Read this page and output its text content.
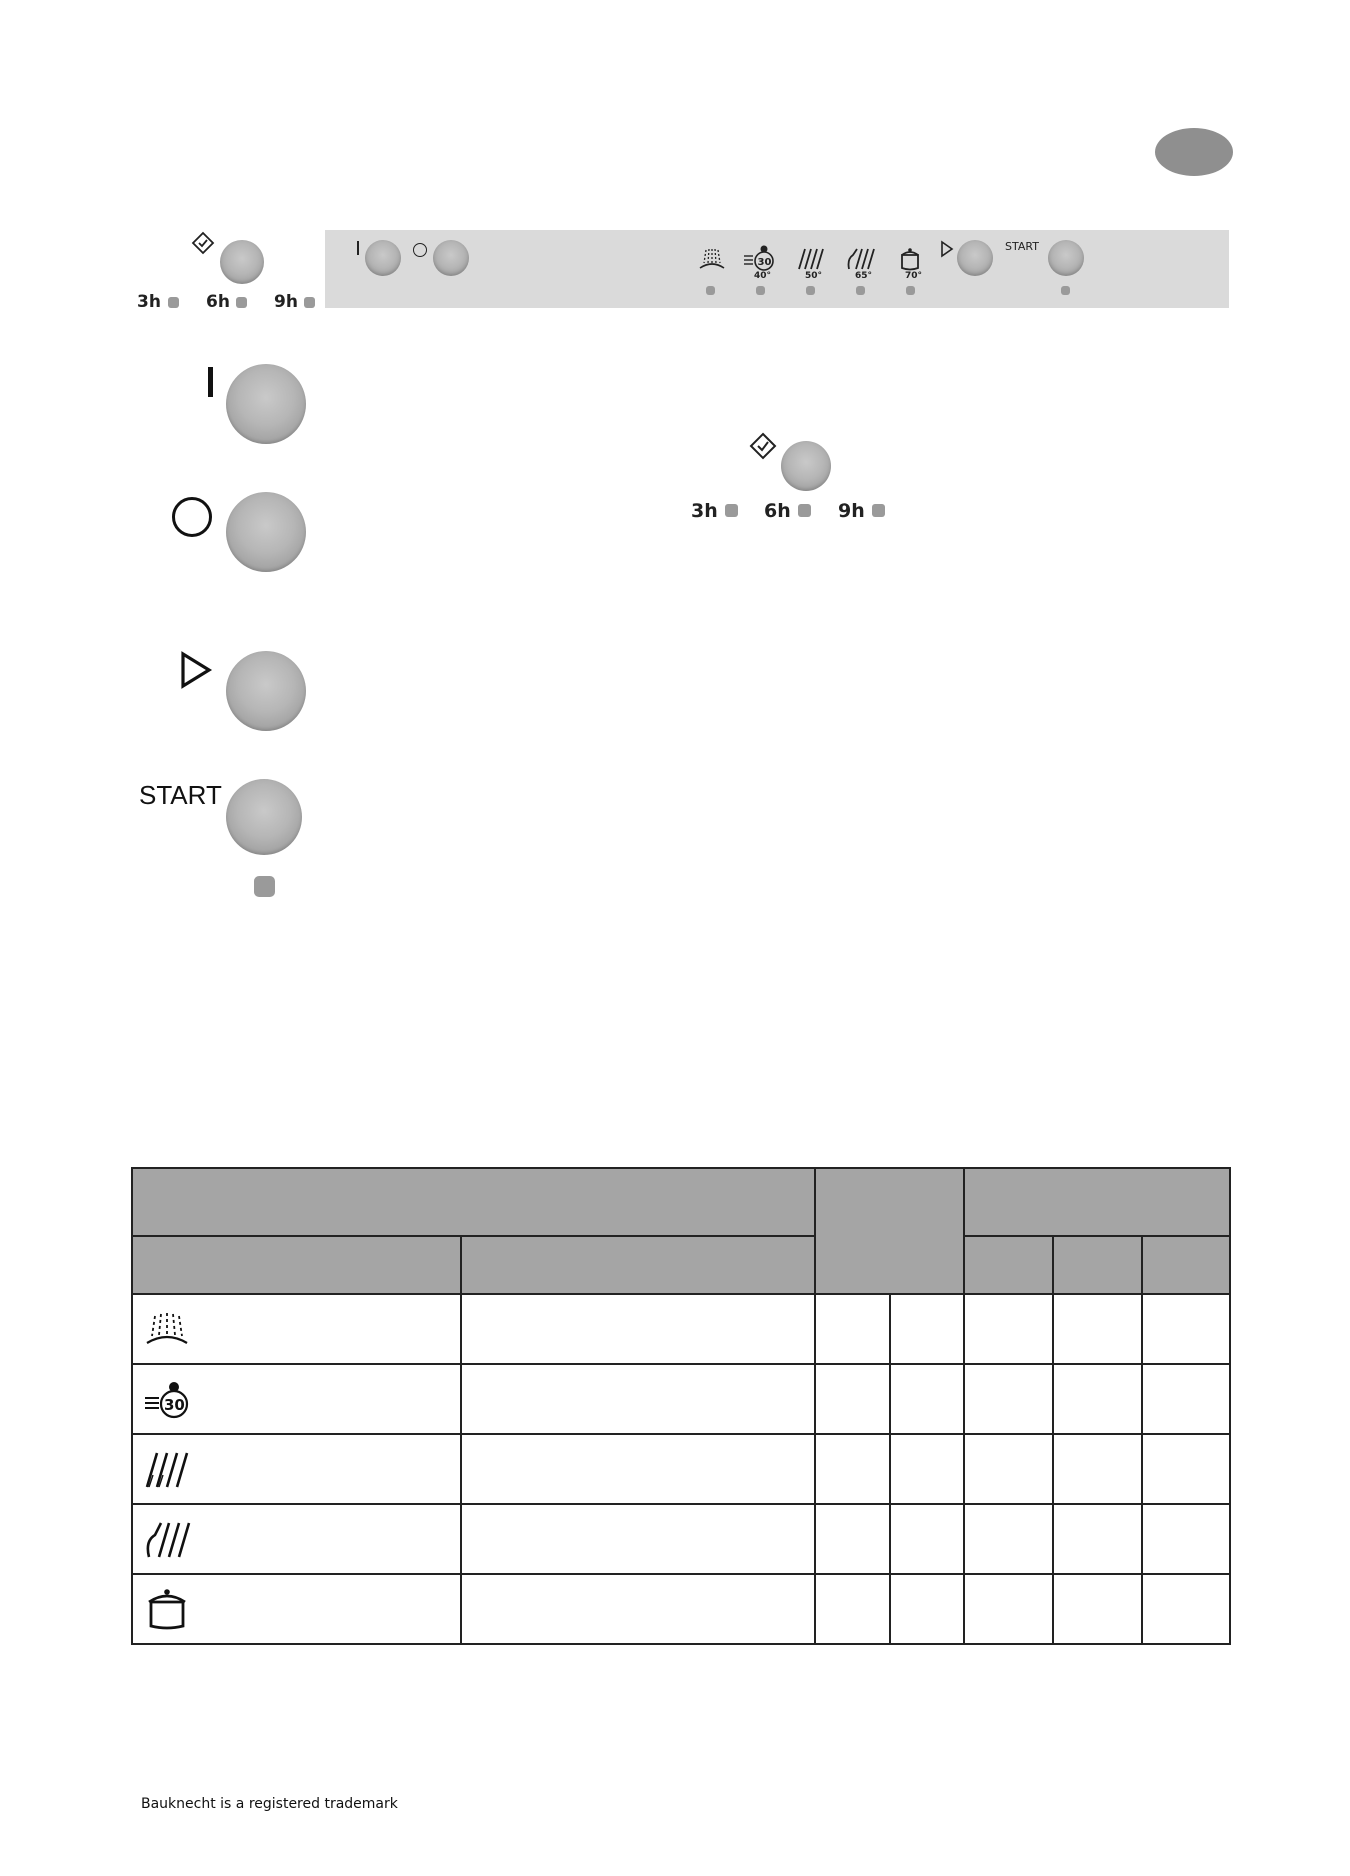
3h	6h	9h
30
40°	50°	65°	70°
START
START
3h 6h 9h

30						

Bauknecht is a registered trademark
